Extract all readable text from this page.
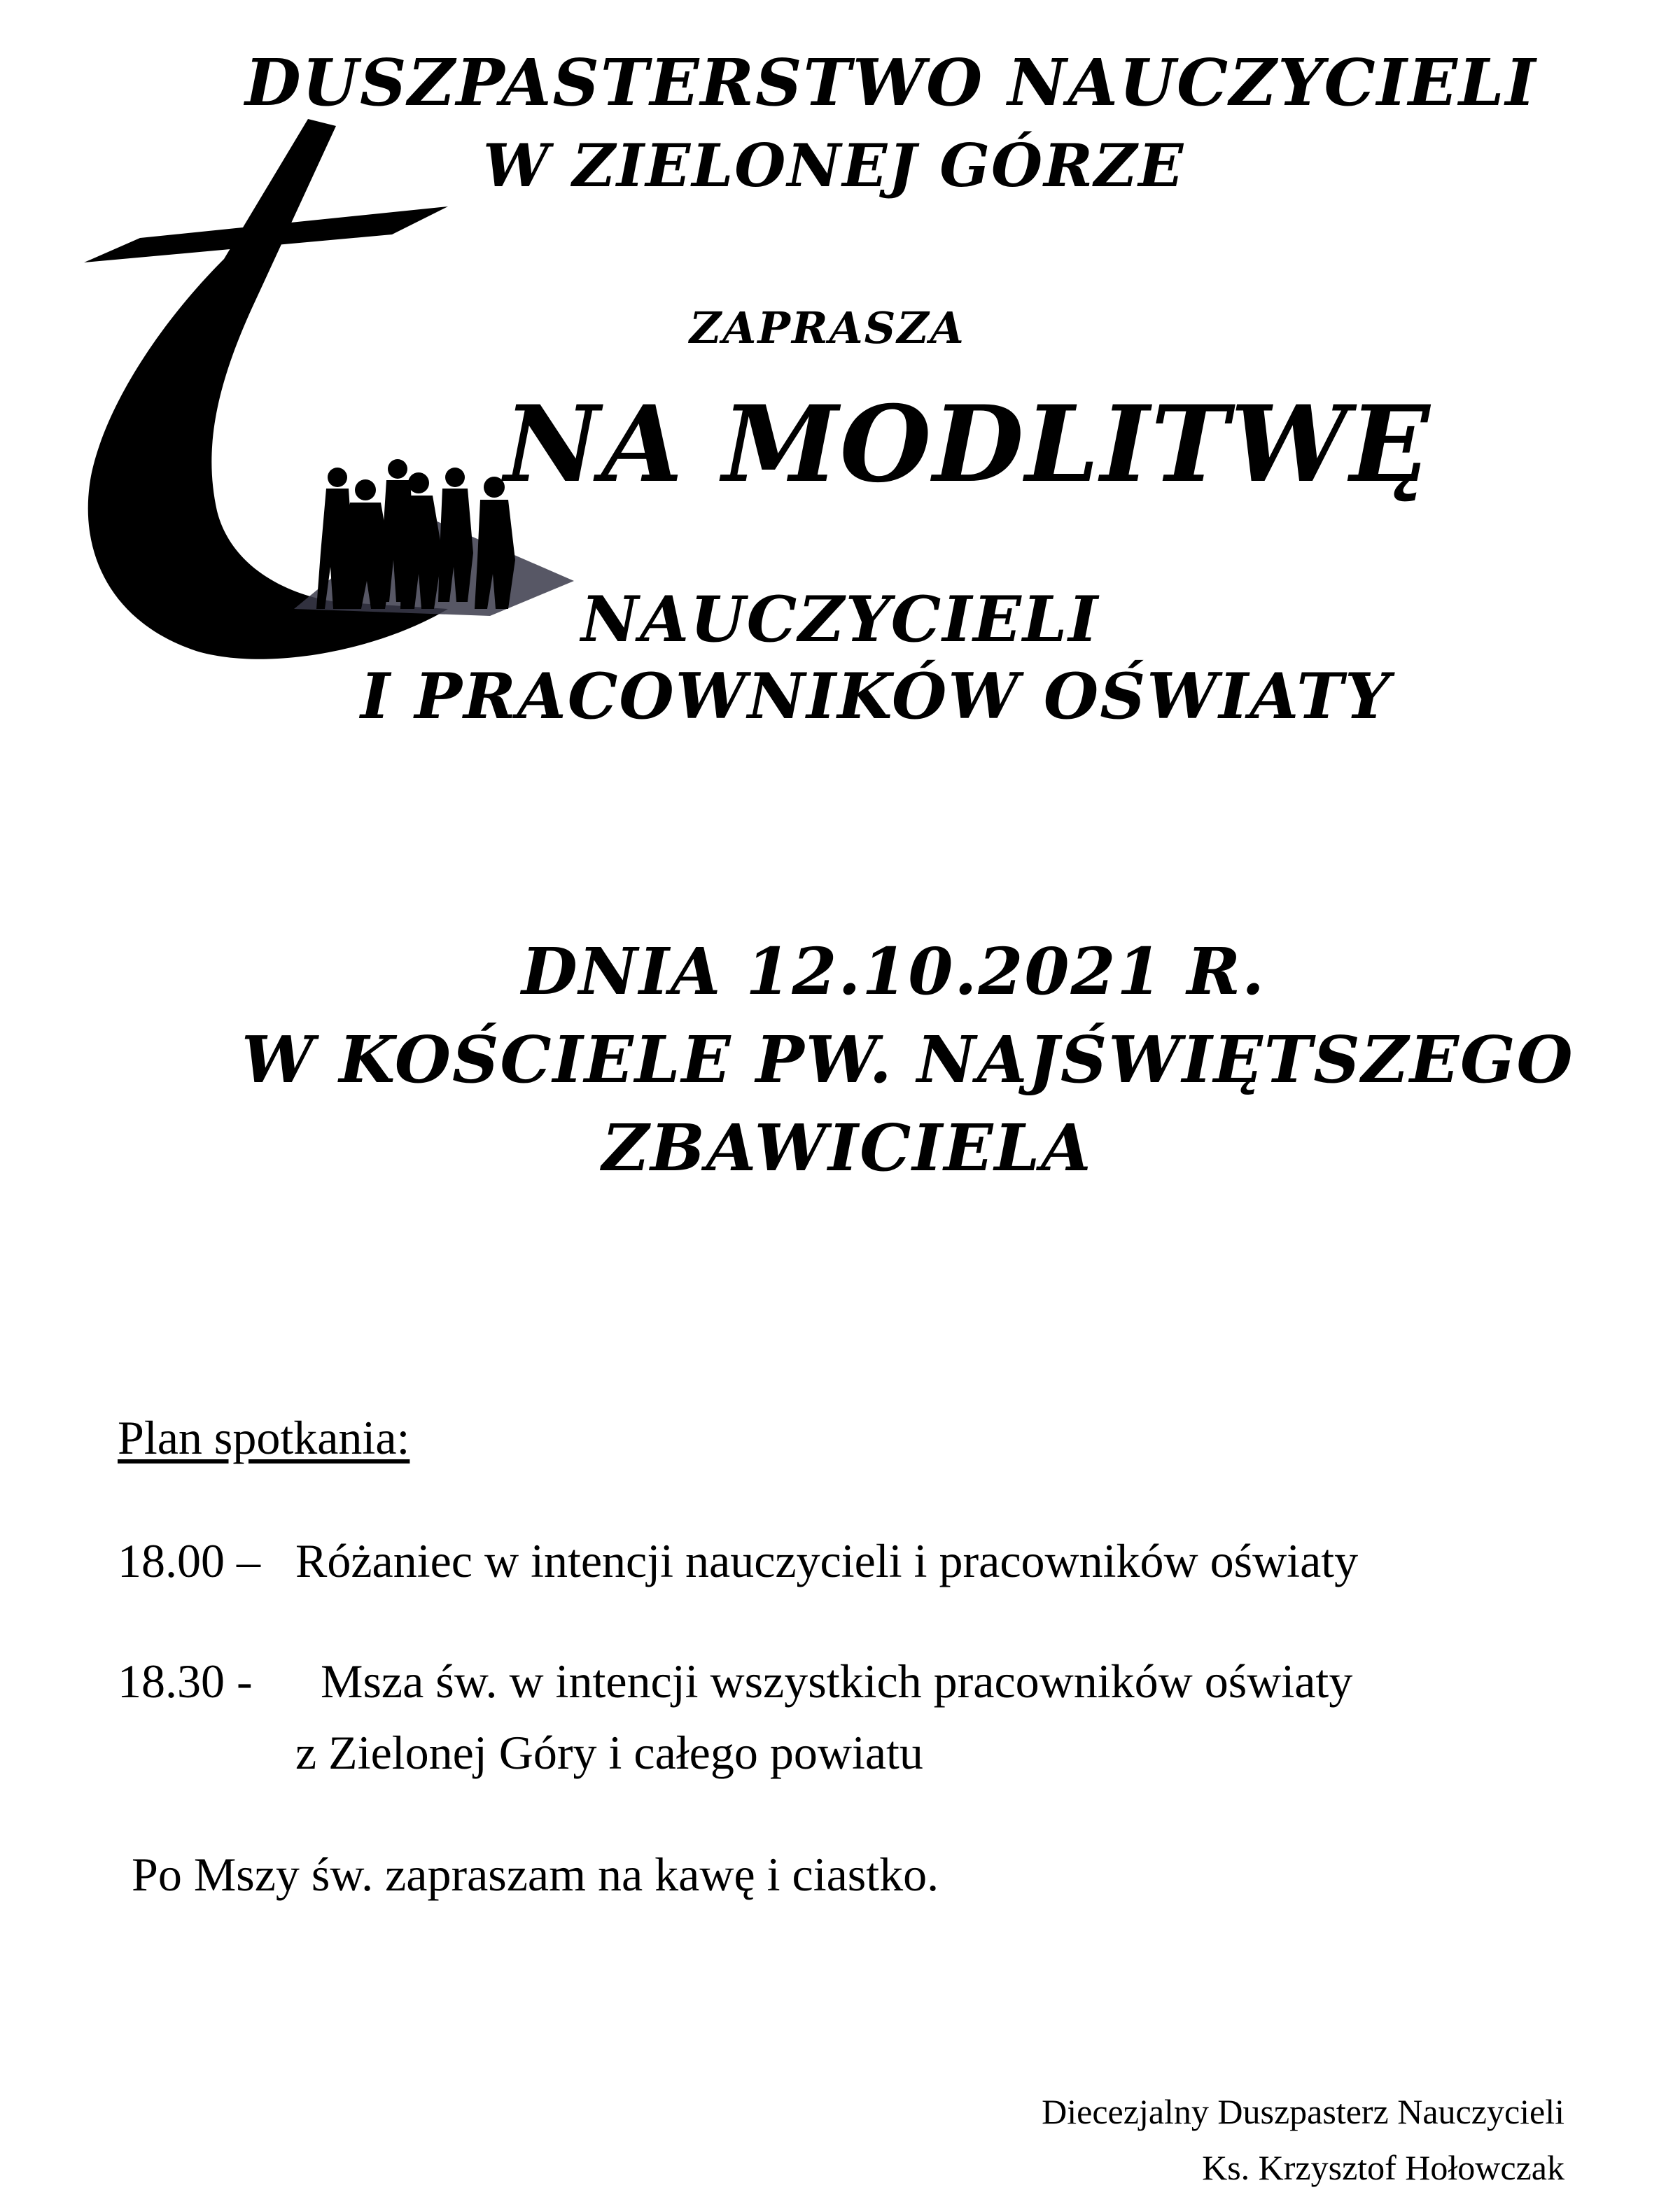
DUSZPASTERSTWO NAUCZYCIELI
W ZIELONEJ GÓRZE
ZAPRASZA
NA MODLITWĘ
NAUCZYCIELI
I PRACOWNIKÓW OŚWIATY
DNIA 12.10.2021 R.
W KOŚCIELE PW. NAJŚWIĘTSZEGO
ZBAWICIELA
Plan spotkania:
18.00 – Różaniec w intencji nauczycieli i pracowników oświaty
18.30 - Msza św. w intencji wszystkich pracowników oświaty
z Zielonej Góry i całego powiatu
Po Mszy św. zapraszam na kawę i ciastko.
Diecezjalny Duszpasterz Nauczycieli
Ks. Krzysztof Hołowczak
